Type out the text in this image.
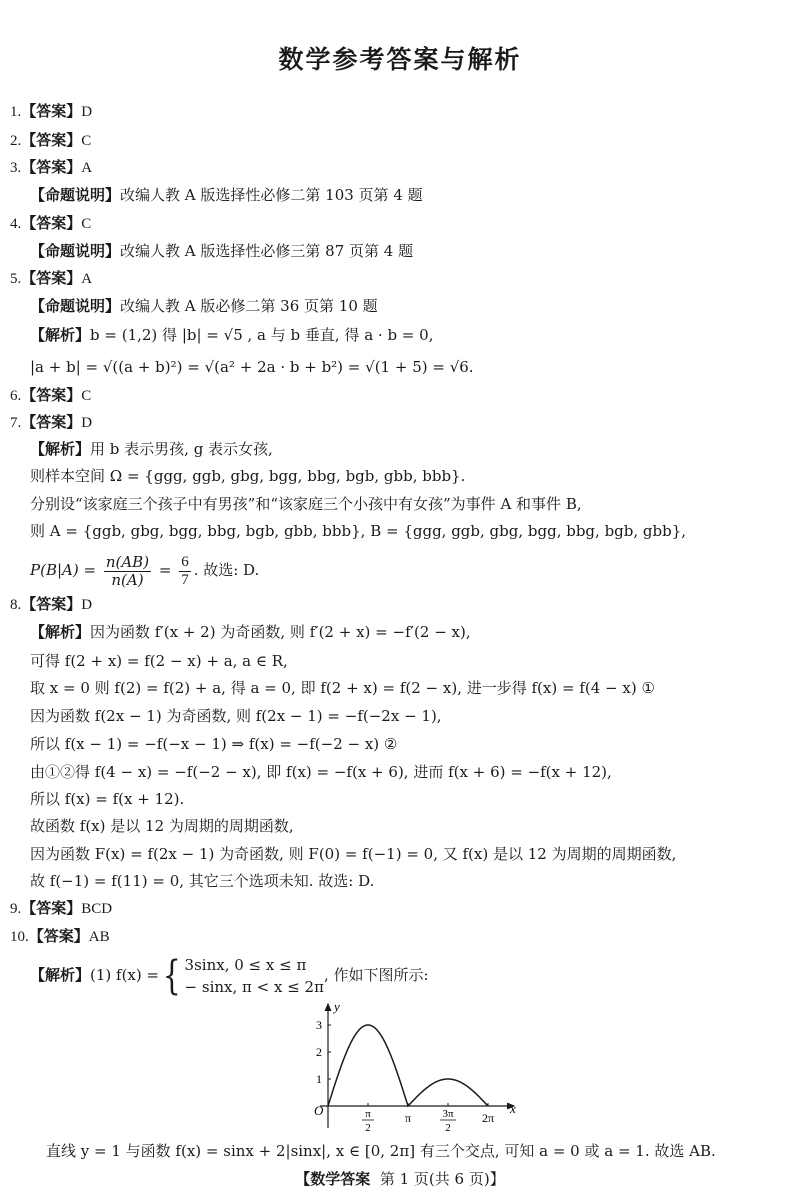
数学参考答案与解析
1.【答案】D
2.【答案】C
3.【答案】A
【命题说明】改编人教 A 版选择性必修二第 103 页第 4 题
4.【答案】C
【命题说明】改编人教 A 版选择性必修三第 87 页第 4 题
5.【答案】A
【命题说明】改编人教 A 版必修二第 36 页第 10 题
【解析】b = (1,2) 得 |b| = √5 , a 与 b 垂直, 得 a · b = 0,
|a + b| = √((a + b)²) = √(a² + 2a · b + b²) = √(1 + 5) = √6.
6.【答案】C
7.【答案】D
【解析】用 b 表示男孩, g 表示女孩,
则样本空间 Ω = {ggg, ggb, gbg, bgg, bbg, bgb, gbb, bbb}.
分别设“该家庭三个孩子中有男孩”和“该家庭三个小孩中有女孩”为事件 A 和事件 B,
则 A = {ggb, gbg, bgg, bbg, bgb, gbb, bbb}, B = {ggg, ggb, gbg, bgg, bbg, bgb, gbb},
$P(B|A) = \frac{n(AB)}{n(A)} = \frac{6}{7}$ . 故选: D.
8.【答案】D
【解析】因为函数 f′(x + 2) 为奇函数, 则 f′(2 + x) = −f′(2 − x),
可得 f(2 + x) = f(2 − x) + a, a ∈ R,
取 x = 0 则 f(2) = f(2) + a, 得 a = 0, 即 f(2 + x) = f(2 − x), 进一步得 f(x) = f(4 − x) ①
因为函数 f(2x − 1) 为奇函数, 则 f(2x − 1) = −f(−2x − 1),
所以 f(x − 1) = −f(−x − 1) ⇒ f(x) = −f(−2 − x) ②
由①②得 f(4 − x) = −f(−2 − x), 即 f(x) = −f(x + 6), 进而 f(x + 6) = −f(x + 12),
所以 f(x) = f(x + 12).
故函数 f(x) 是以 12 为周期的周期函数,
因为函数 F(x) = f(2x − 1) 为奇函数, 则 F(0) = f(−1) = 0, 又 f(x) 是以 12 为周期的周期函数,
故 f(−1) = f(11) = 0, 其它三个选项未知. 故选: D.
9.【答案】BCD
10.【答案】AB
【解析】(1) f(x) ={ 3sinx, 0 ≤ x ≤ π
− sinx, π < x ≤ 2π
, 作如下图所示:
y
x
O
1
2
3
π
2
π	3π
2
2π
直线 y = 1 与函数 f(x) = sinx + 2|sinx|, x ∈ [0, 2π] 有三个交点, 可知 a = 0 或 a = 1. 故选 AB.
【数学答案 第 1 页(共 6 页)】
